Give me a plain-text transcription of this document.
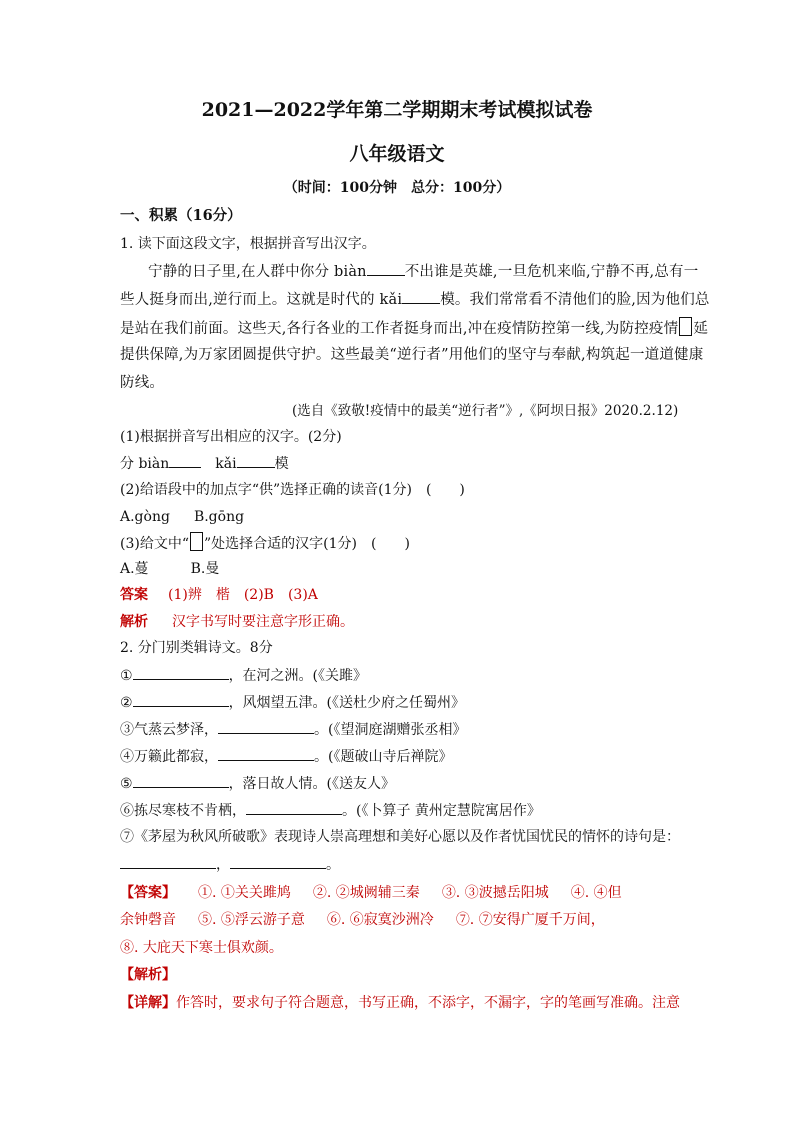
2021—2022学年第二学期期末考试模拟试卷
八年级语文
（时间：100分钟　总分：100分）
一、积累（16分）
1. 读下面这段文字，根据拼音写出汉字。
宁静的日子里,在人群中你分 biàn	不出谁是英雄,一旦危机来临,宁静不再,总有一
些人挺身而出,逆行而上。这就是时代的 kǎi	模。我们常常看不清他们的脸,因为他们总
是站在我们前面。这些天,各行各业的工作者挺身而出,冲在疫情防控第一线,为防控疫情 延
提供保障,为万家团圆提供守护。这些最美“逆行者”用他们的坚守与奉献,构筑起一道道健康
防线。
(选自《致敬!疫情中的最美“逆行者”》,《阿坝日报》2020.2.12)
(1)根据拼音写出相应的汉字。(2分)
分 biàn	kǎi	模
(2)给语段中的加点字“供”选择正确的读音(1分)　(　　)
A.gòng B.gōng
(3)给文中“ ”处选择合适的汉字(1分)　(　　)
A.蔓	B.曼
答案 (1)辨　楷　(2)B　(3)A
解析 汉字书写时要注意字形正确。
2. 分门别类辑诗文。8分
①	，在河之洲。(《关雎》
②	，风烟望五津。(《送杜少府之任蜀州》
③气蒸云梦泽，	。(《望洞庭湖赠张丞相》
④万籁此都寂，	。(《题破山寺后禅院》
⑤	，落日故人情。(《送友人》
⑥拣尽寒枝不肯栖，	。(《卜算子 黄州定慧院寓居作》
⑦《茅屋为秋风所破歌》表现诗人崇高理想和美好心愿以及作者忧国忧民的情怀的诗句是：
，	。
【答案】 ①. ①关关雎鸠 ②. ②城阙辅三秦 ③. ③波撼岳阳城 ④. ④但
余钟磬音 ⑤. ⑤浮云游子意 ⑥. ⑥寂寞沙洲冷 ⑦. ⑦安得广厦千万间，
⑧. 大庇天下寒士俱欢颜。
【解析】
【详解】作答时，要求句子符合题意，书写正确，不添字，不漏字，字的笔画写准确。注意
